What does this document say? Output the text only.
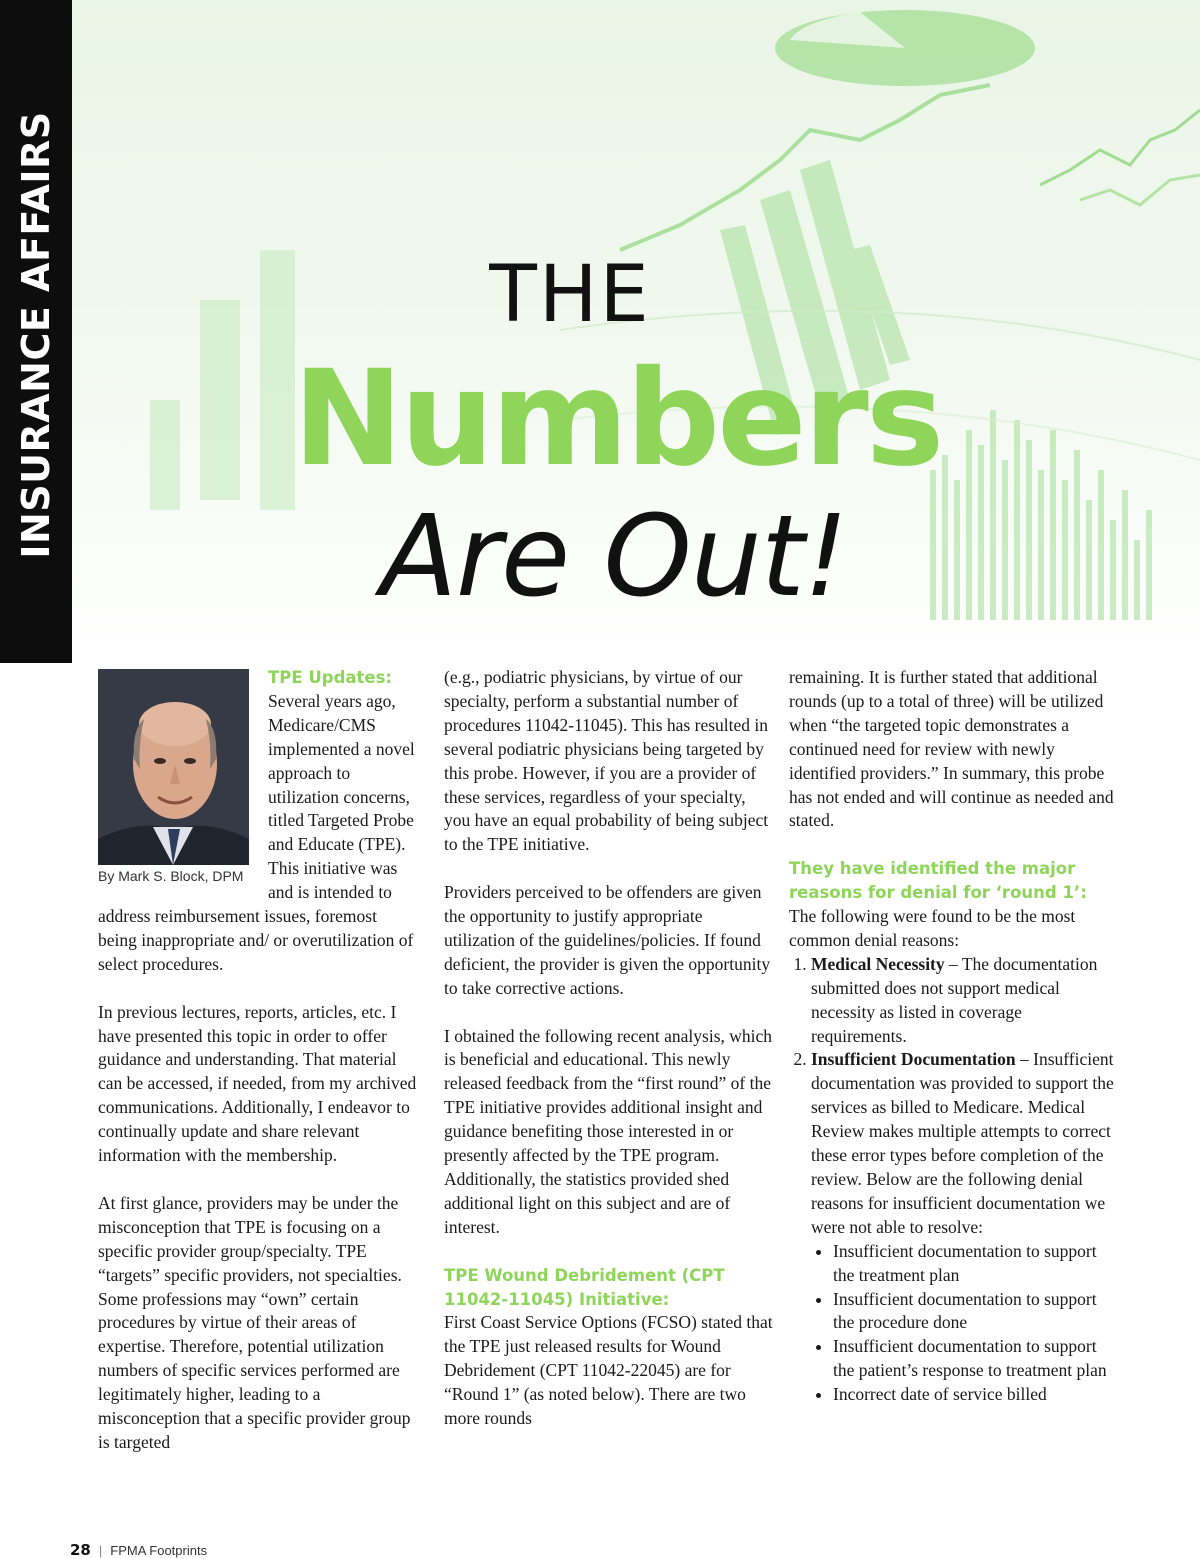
THE
Numbers
Are Out!
INSURANCE AFFAIRS
By Mark S. Block, DPM
TPE Updates:

Several years ago, Medicare/CMS implemented a novel approach to utilization concerns, titled Targeted Probe and Educate (TPE). This initiative was and is intended to address reimbursement issues, foremost being inappropriate and/ or overutilization of select procedures.

In previous lectures, reports, articles, etc. I have presented this topic in order to offer guidance and understanding. That material can be accessed, if needed, from my archived communications. Additionally, I endeavor to continually update and share relevant information with the membership.

At first glance, providers may be under the misconception that TPE is focusing on a specific provider group/specialty. TPE “targets” specific providers, not specialties. Some professions may “own” certain procedures by virtue of their areas of expertise. Therefore, potential utilization numbers of specific services performed are legitimately higher, leading to a misconception that a specific provider group is targeted

(e.g., podiatric physicians, by virtue of our specialty, perform a substantial number of procedures 11042-11045). This has resulted in several podiatric physicians being targeted by this probe. However, if you are a provider of these services, regardless of your specialty, you have an equal probability of being subject to the TPE initiative.

Providers perceived to be offenders are given the opportunity to justify appropriate utilization of the guidelines/policies. If found deficient, the provider is given the opportunity to take corrective actions.

I obtained the following recent analysis, which is beneficial and educational. This newly released feedback from the “first round” of the TPE initiative provides additional insight and guidance benefiting those interested in or presently affected by the TPE program. Additionally, the statistics provided shed additional light on this subject and are of interest.

TPE Wound Debridement (CPT 11042-11045) Initiative:

First Coast Service Options (FCSO) stated that the TPE just released results for Wound Debridement (CPT 11042-22045) are for “Round 1” (as noted below). There are two more rounds

remaining. It is further stated that additional rounds (up to a total of three) will be utilized when “the targeted topic demonstrates a continued need for review with newly identified providers.” In summary, this probe has not ended and will continue as needed and stated.

They have identified the major reasons for denial for ‘round 1’:

The following were found to be the most common denial reasons:

1. Medical Necessity – The documentation submitted does not support medical necessity as listed in coverage requirements.
2. Insufficient Documentation – Insufficient documentation was provided to support the services as billed to Medicare. Medical Review makes multiple attempts to correct these error types before completion of the review. Below are the following denial reasons for insufficient documentation we were not able to resolve:
• Insufficient documentation to support the treatment plan
• Insufficient documentation to support the procedure done
• Insufficient documentation to support the patient’s response to treatment plan
• Incorrect date of service billed
28 | FPMA Footprints
